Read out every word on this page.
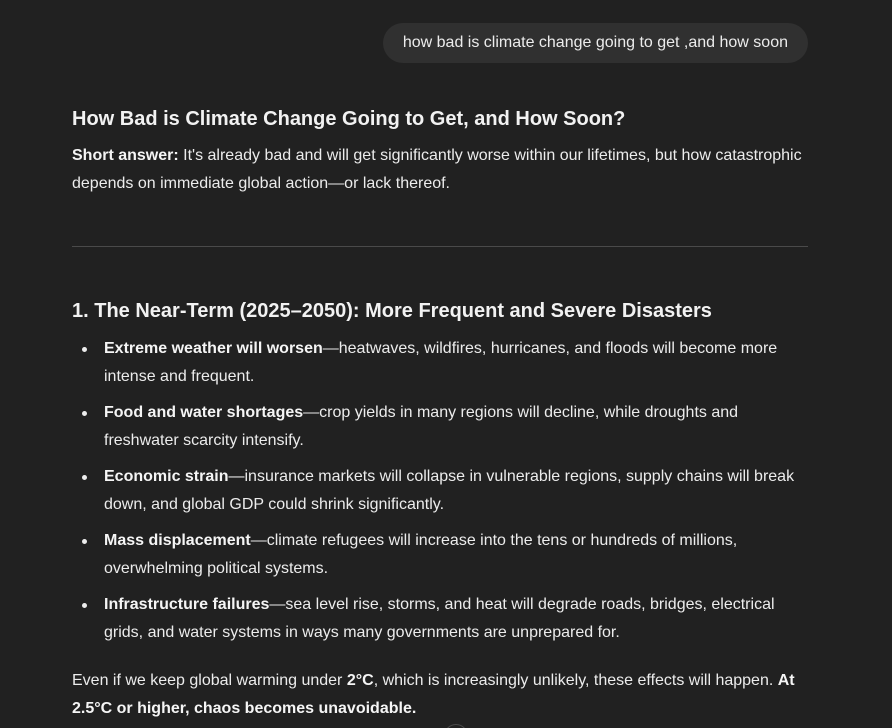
how bad is climate change going to get ,and how soon
How Bad is Climate Change Going to Get, and How Soon?

Short answer: It's already bad and will get significantly worse within our lifetimes, but how catastrophic depends on immediate global action—or lack thereof.

1. The Near-Term (2025–2050): More Frequent and Severe Disasters
Extreme weather will worsen—heatwaves, wildfires, hurricanes, and floods will become more intense and frequent.
Food and water shortages—crop yields in many regions will decline, while droughts and freshwater scarcity intensify.
Economic strain—insurance markets will collapse in vulnerable regions, supply chains will break down, and global GDP could shrink significantly.
Mass displacement—climate refugees will increase into the tens or hundreds of millions, overwhelming political systems.
Infrastructure failures—sea level rise, storms, and heat will degrade roads, bridges, electrical grids, and water systems in ways many governments are unprepared for.

Even if we keep global warming under 2°C, which is increasingly unlikely, these effects will happen. At 2.5°C or higher, chaos becomes unavoidable.
